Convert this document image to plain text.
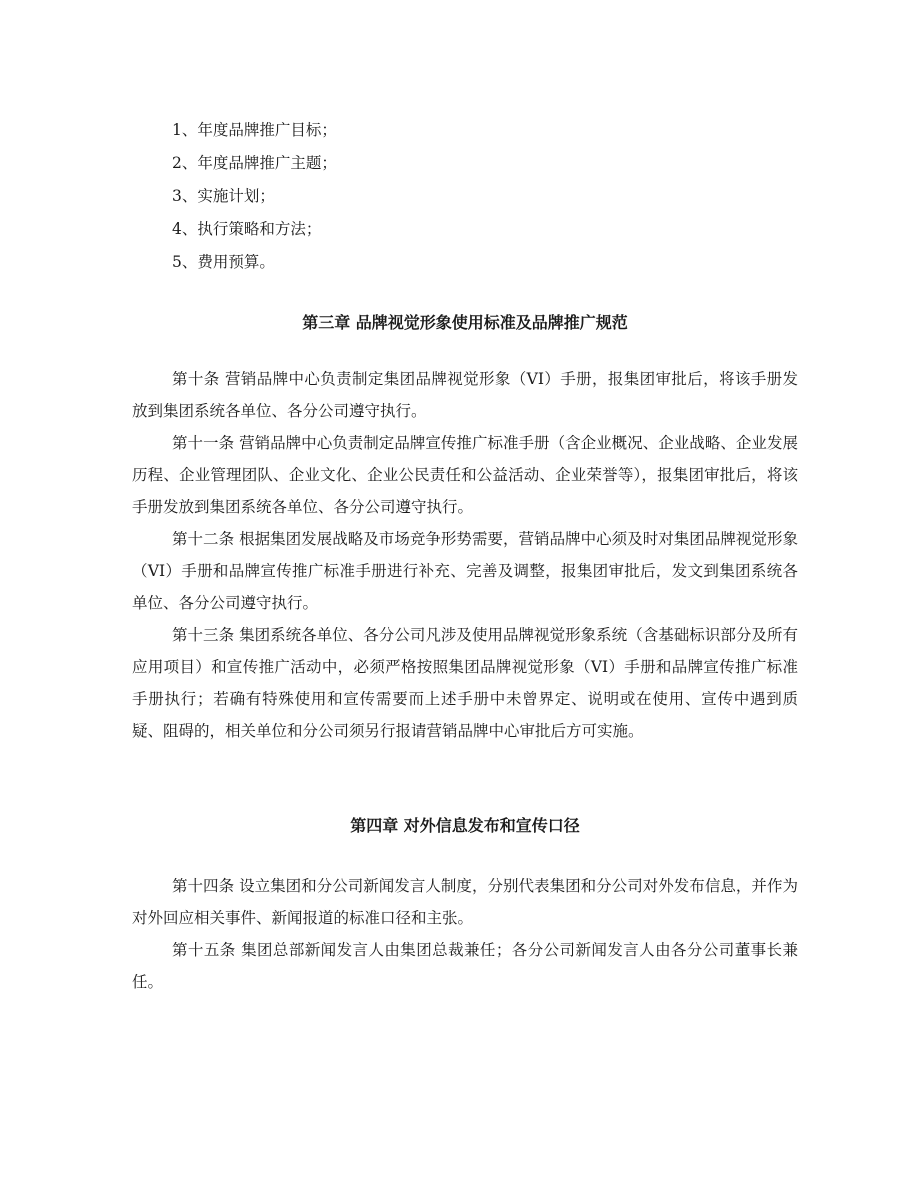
1、年度品牌推广目标；
2、年度品牌推广主题；
3、实施计划；
4、执行策略和方法；
5、费用预算。
第三章 品牌视觉形象使用标准及品牌推广规范

第十条 营销品牌中心负责制定集团品牌视觉形象（VI）手册，报集团审批后，将该手册发放到集团系统各单位、各分公司遵守执行。

第十一条 营销品牌中心负责制定品牌宣传推广标准手册（含企业概况、企业战略、企业发展历程、企业管理团队、企业文化、企业公民责任和公益活动、企业荣誉等），报集团审批后，将该手册发放到集团系统各单位、各分公司遵守执行。

第十二条 根据集团发展战略及市场竞争形势需要，营销品牌中心须及时对集团品牌视觉形象（VI）手册和品牌宣传推广标准手册进行补充、完善及调整，报集团审批后，发文到集团系统各单位、各分公司遵守执行。

第十三条 集团系统各单位、各分公司凡涉及使用品牌视觉形象系统（含基础标识部分及所有应用项目）和宣传推广活动中，必须严格按照集团品牌视觉形象（VI）手册和品牌宣传推广标准手册执行；若确有特殊使用和宣传需要而上述手册中未曾界定、说明或在使用、宣传中遇到质疑、阻碍的，相关单位和分公司须另行报请营销品牌中心审批后方可实施。

第四章 对外信息发布和宣传口径

第十四条 设立集团和分公司新闻发言人制度，分别代表集团和分公司对外发布信息，并作为对外回应相关事件、新闻报道的标准口径和主张。

第十五条 集团总部新闻发言人由集团总裁兼任；各分公司新闻发言人由各分公司董事长兼任。
